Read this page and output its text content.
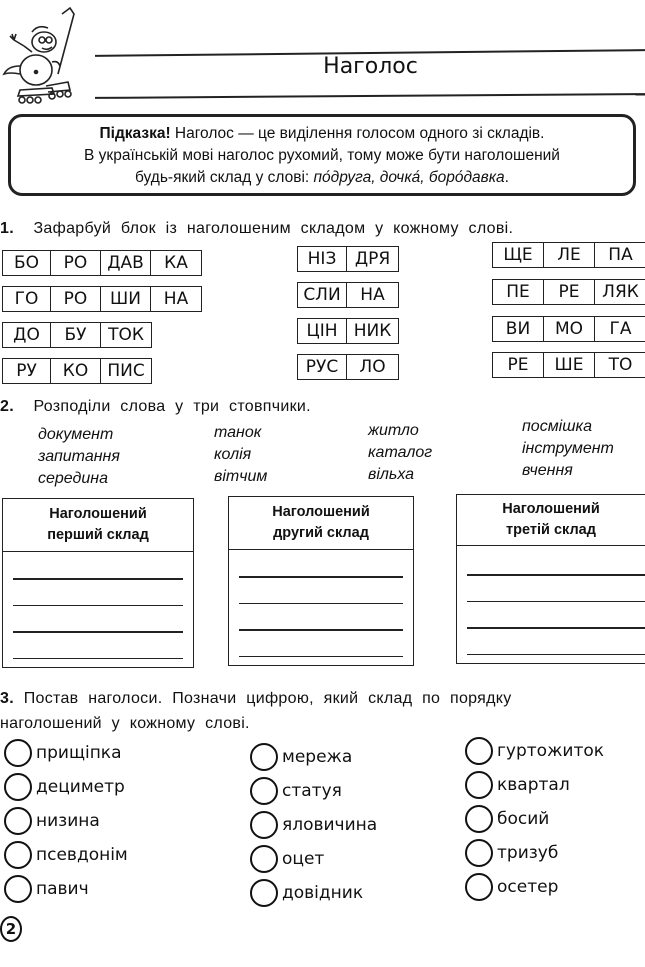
Наголос
Підказка! Наголос — це виділення голосом одного зі складів.
В українській мові наголос рухомий, тому може бути наголошений
будь-який склад у слові: по́друга, дочка́, боро́давка.
1. Зафарбуй блок із наголошеним складом у кожному слові.
БО	РО	ДАВ	КА
ГО	РО	ШИ	НА
ДО	БУ	ТОК
РУ	КО	ПИС
НІЗ	ДРЯ
СЛИ	НА
ЦІН НИК
РУС	ЛО
ЩЕ	ЛЕ	ПА
ПЕ	РЕ	ЛЯК
ВИ	МО	ГА
РЕ	ШЕ	ТО
2. Розподіли слова у три стовпчики.
документ
запитання
середина
танок
колія
вітчим
житло
каталог
вільха
посмішка
інструмент
вчення
Наголошений
перший склад
Наголошений
другий склад
Наголошений
третій склад
3. Постав наголоси. Позначи цифрою, який склад по порядку
наголошений у кожному слові.
прищіпка
дециметр
низина
псевдонім
павич
мережа
статуя
яловичина
оцет
довідник
гуртожиток
квартал
босий
тризуб
осетер
2
